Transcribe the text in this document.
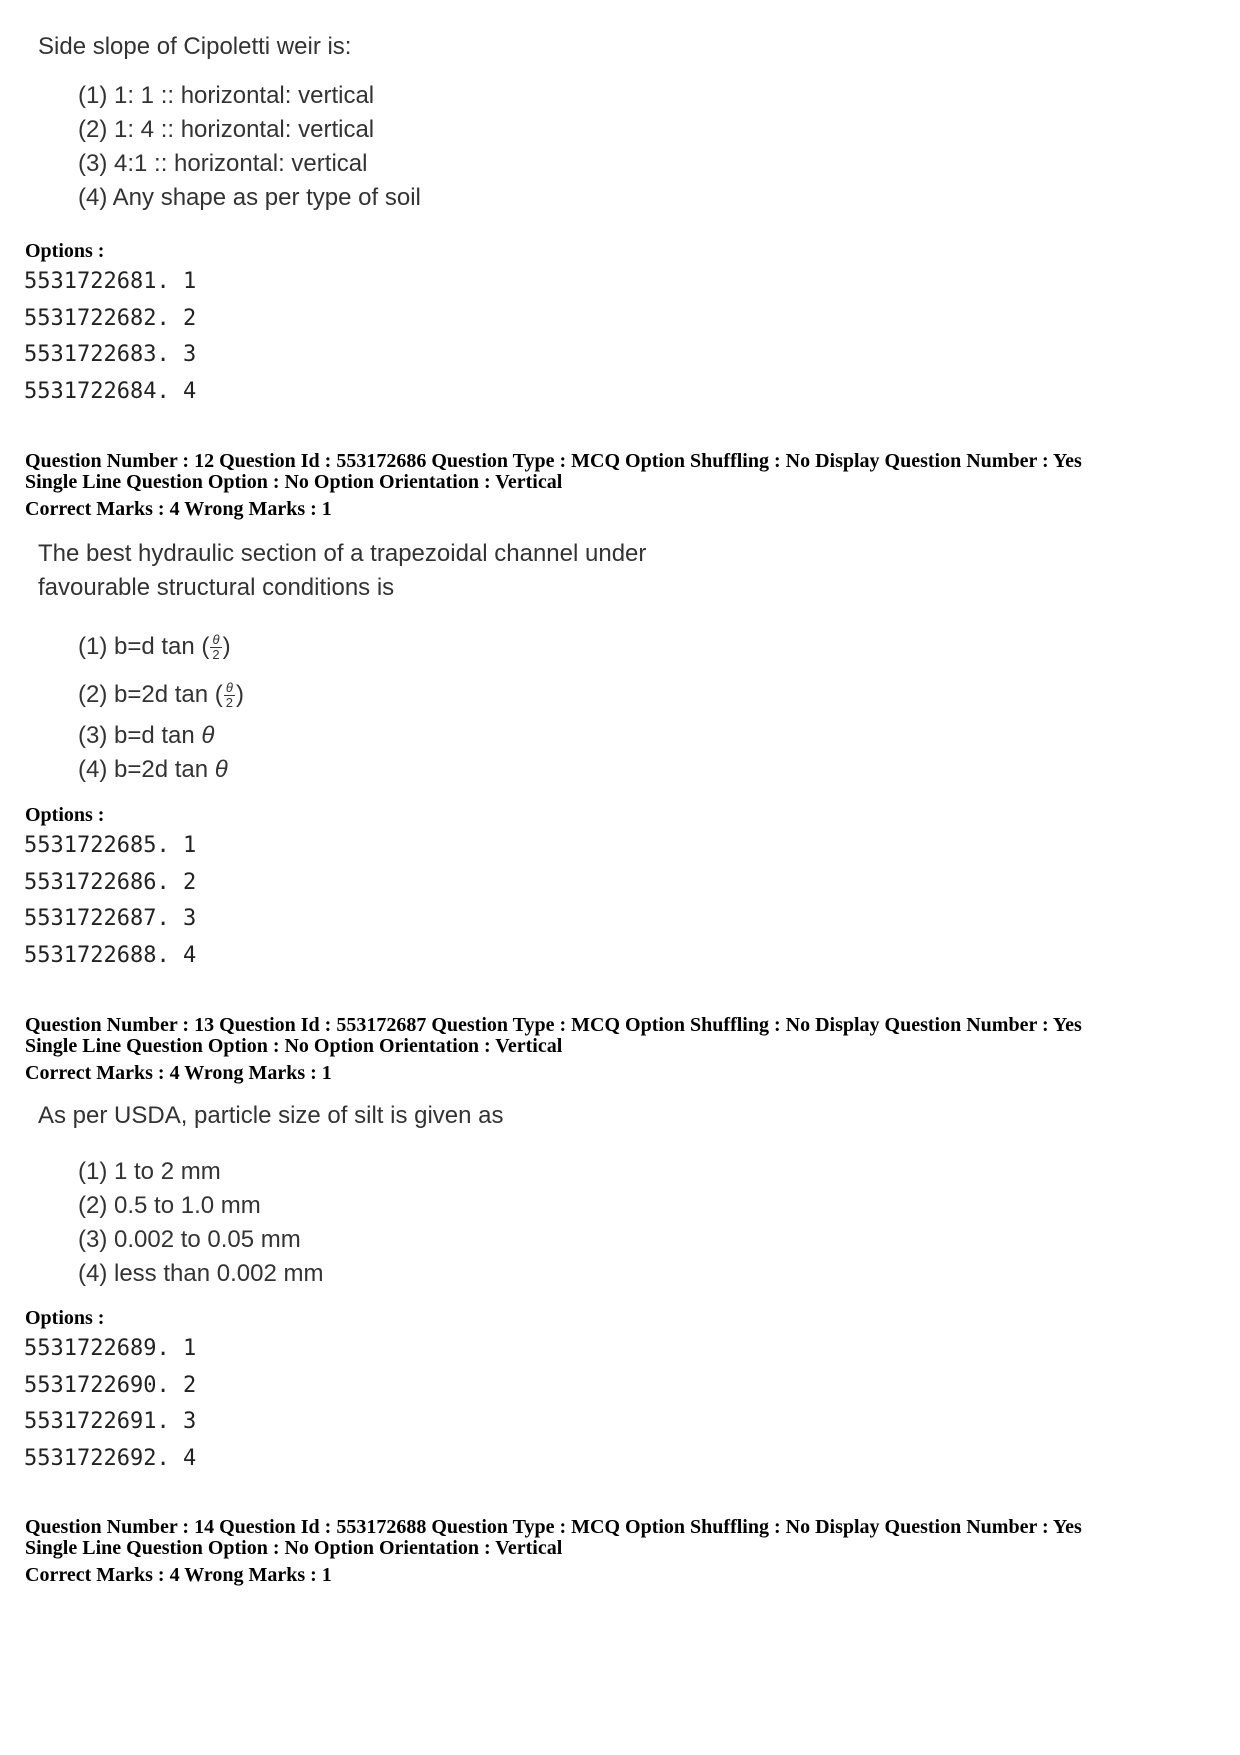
Side slope of Cipoletti weir is:

(1) 1: 1 :: horizontal: vertical
(2) 1: 4 :: horizontal: vertical
(3) 4:1 :: horizontal: vertical
(4) Any shape as per type of soil
Options :
5531722681. 1
5531722682. 2
5531722683. 3
5531722684. 4
Question Number : 12 Question Id : 553172686 Question Type : MCQ Option Shuffling : No Display Question Number : Yes
Single Line Question Option : No Option Orientation : Vertical
Correct Marks : 4 Wrong Marks : 1

The best hydraulic section of a trapezoidal channel under

favourable structural conditions is

(1) b=d tan ( $\frac{\theta}{2}$ )
(2) b=2d tan ( $\frac{\theta}{2}$ )
(3) b=d tan θ
(4) b=2d tan θ
Options :
5531722685. 1
5531722686. 2
5531722687. 3
5531722688. 4
Question Number : 13 Question Id : 553172687 Question Type : MCQ Option Shuffling : No Display Question Number : Yes
Single Line Question Option : No Option Orientation : Vertical
Correct Marks : 4 Wrong Marks : 1

As per USDA, particle size of silt is given as

(1) 1 to 2 mm
(2) 0.5 to 1.0 mm
(3) 0.002 to 0.05 mm
(4) less than 0.002 mm
Options :
5531722689. 1
5531722690. 2
5531722691. 3
5531722692. 4
Question Number : 14 Question Id : 553172688 Question Type : MCQ Option Shuffling : No Display Question Number : Yes
Single Line Question Option : No Option Orientation : Vertical
Correct Marks : 4 Wrong Marks : 1
